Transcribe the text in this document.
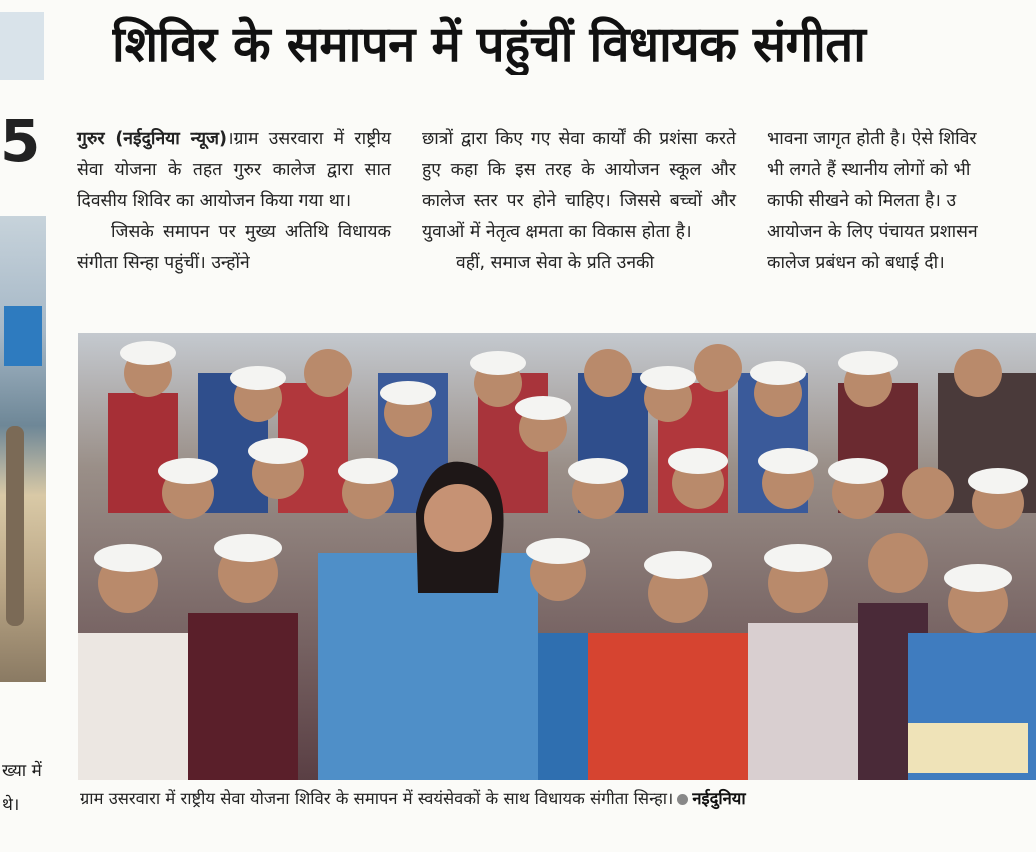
5
ख्या में
थे।
शिविर के समापन में पहुंचीं विधायक संगीता

गुरुर (नईदुनिया न्यूज)।ग्राम उसरवारा में राष्ट्रीय सेवा योजना के तहत गुरुर कालेज द्वारा सात दिवसीय शिविर का आयोजन किया गया था।

जिसके समापन पर मुख्य अतिथि विधायक संगीता सिन्हा पहुंचीं। उन्होंने

छात्रों द्वारा किए गए सेवा कार्यों की प्रशंसा करते हुए कहा कि इस तरह के आयोजन स्कूल और कालेज स्तर पर होने चाहिए। जिससे बच्चों और युवाओं में नेतृत्व क्षमता का विकास होता है।

वहीं, समाज सेवा के प्रति उनकी

भावना जागृत होती है। ऐसे शिविर
भी लगते हैं स्थानीय लोगों को भी
काफी सीखने को मिलता है। उ
आयोजन के लिए पंचायत प्रशासन
कालेज प्रबंधन को बधाई दी।
ग्राम उसरवारा में राष्ट्रीय सेवा योजना शिविर के समापन में स्वयंसेवकों के साथ विधायक संगीता सिन्हा। नईदुनिया
